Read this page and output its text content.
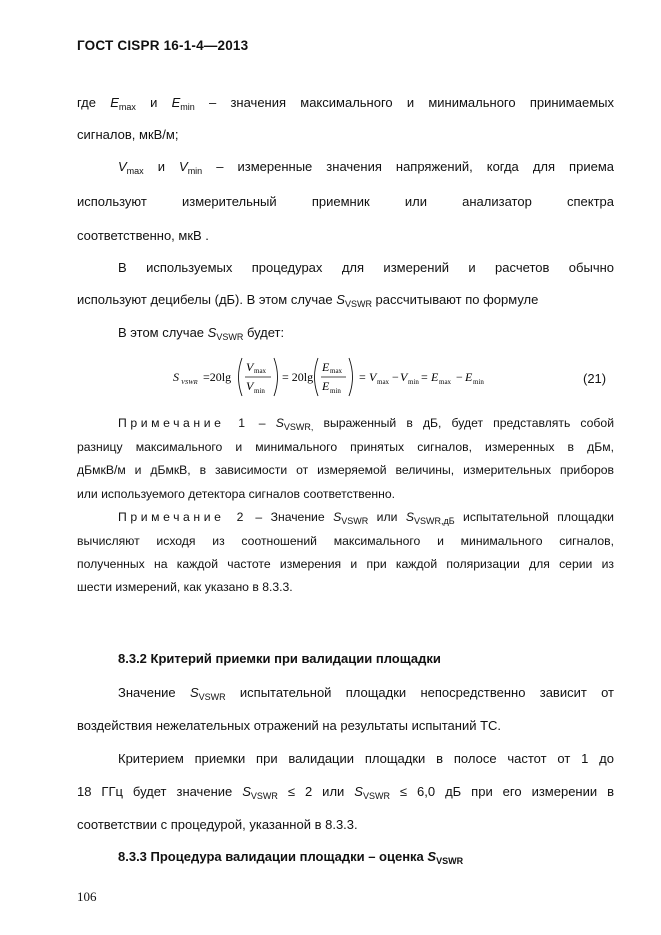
ГОСТ CISPR 16-1-4—2013
где $E_{max}$ и $E_{min}$ – значения максимального и минимального принимаемых
сигналов, мкВ/м;
$V_{max}$ и $V_{min}$ – измеренные значения напряжений, когда для приема
используют измерительный приемник или анализатор спектра
соответственно, мкВ .
В используемых процедурах для измерений и расчетов обычно
используют децибелы (дБ). В этом случае $S_{VSWR}$ рассчитывают по формуле
В этом случае $S_{VSWR}$ будет:
S VSWR =20lg
V max
V min
= 20lg
E max
E min
= V max − V min = E max − E min	(21)
Примечание $1 - S_{VSWR,}$ выраженный в дБ, будет представлять собой
разницу максимального и минимального принятых сигналов, измеренных в дБм,
дБмкВ/м и дБмкВ, в зависимости от измеряемой величины, измерительных приборов
или используемого детектора сигналов соответственно.
Примечание 2 – Значение $S_{VSWR}$ или $S_{VSWR,дБ}$ испытательной площадки
вычисляют исходя из соотношений максимального и минимального сигналов,
полученных на каждой частоте измерения и при каждой поляризации для серии из
шести измерений, как указано в 8.3.3.
8.3.2 Критерий приемки при валидации площадки
Значение $S_{VSWR}$ испытательной площадки непосредственно зависит от
воздействия нежелательных отражений на результаты испытаний ТС.
Критерием приемки при валидации площадки в полосе частот от 1 до
18 ГГц будет значение $S_{VSWR} \le 2$ или $S_{VSWR} \le 6,0$ дБ при его измерении в
соответствии с процедурой, указанной в 8.3.3.
8.3.3 Процедура валидации площадки – оценка $S_{VSWR}$
106
